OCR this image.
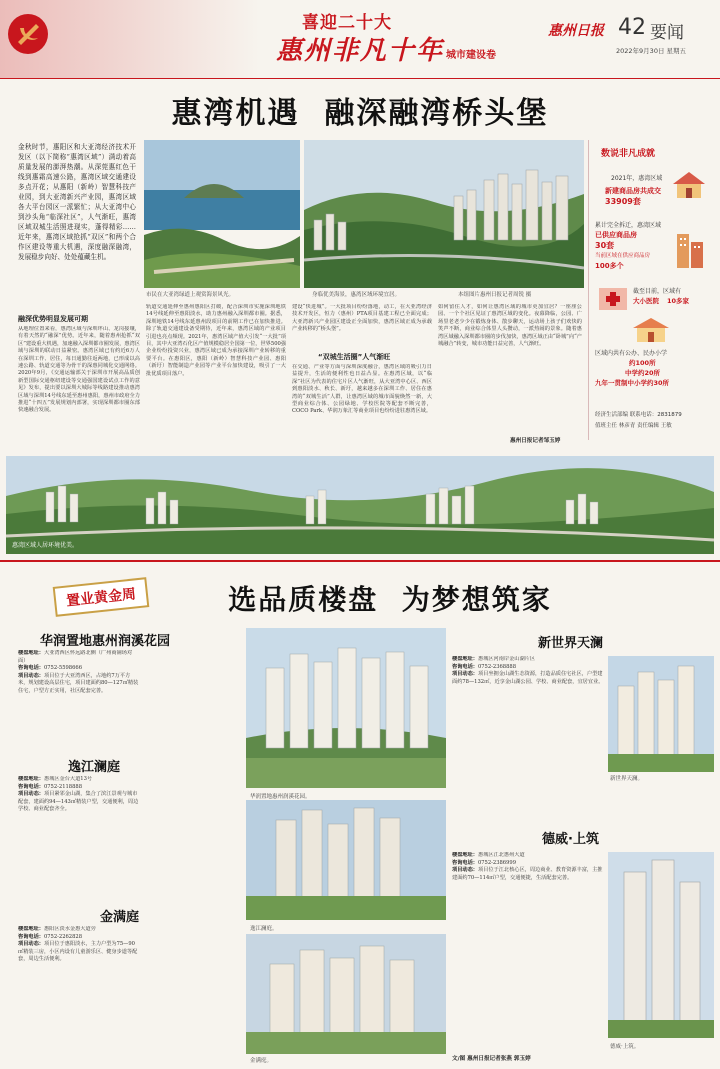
喜迎二十大
惠州非凡十年 城市建设卷
惠州日报 42 要闻
2022年9月30日 星期五
惠湾机遇  融深融湾桥头堡
金秋时节，惠阳区和大亚湾经济技术开发区（以下简称“惠湾区域”）满动着高质量发展的澎湃热潮。从深莞惠红色干线到惠霜高速公路，惠湾区域交通建设多点开花；从惠阳（新岭）智慧科技产业园，到大亚湾新兴产业园，惠湾区域各大平台园区一派繁忙；从大亚湾中心到沙头角“临深社区”，人气渐旺，惠湾区域双城生活照进现实，蓬得精彩……近年来，惠湾区域抢抓“双区”和两个合作区建设等重大机遇，深度融深融湾，发展稳步向好、处处蕴藏生机。
市民在大亚湾绿道上观赏海景风光。	身临优美海景，惠湾区域环境宜居。	本组图片惠州日报记者周锐 摄
数说非凡成就
2021年，惠湾区域
新建商品房共成交
33909套
累计完全拆迁，惠湾区域
已供应商品房
30套
当前区域在供应商品房
100多个
截至目前，区域有
大小医院 10多家
区域内共有公办、民办小学
约100所
中学约20所
九年一贯制中小学约30所
经济生活部编 联系电话：2831879
值班主任 林彦青 责任编辑 王敏
融深优势明显发展可期
从地理位置来看，惠湾区域与深圳坪山、龙岗接壤，有着天然的“融深”优势。近年来，随着惠州抢抓“双区”建设重大机遇，加速融入深圳都市圈发展，惠湾区域与深圳的联动日益紧密。惠湾区域已有约近6万人在深圳工作、居住，每日通勤往返两地，已形成以高速公路、轨道交通等为骨干的深惠同城化交通网络。2020年9月，《交通运输部关于深圳市开展高品质创新型国际交通枢纽建设等交通强国建设试点工作的意见》发布，提出要以深圳大城际等线路建设推动惠湾区域与深圳14号线东延至惠州惠阳，惠州市政府全力推进“十四五”发展规划内部署，实现深圳都市圈东部快速融合发展。
轨道交通延伸至惠州惠阳区打破，配合深圳市实施深圳地铁14号线延伸至惠阳淡水，助力惠州融入深圳都市圈。据悉，深圳地铁14号线东延惠州段项目的前期工作已在加快推进。除了轨道交通建设备受期待，近年来，惠湾区域的产业项目引进也亮点频现。2021年，惠湾区域产值大引发“一大批”项目，其中大亚湾石化区产值规模稳居全国第一位，世界500强企业纷纷投资兴业，惠湾区域已成为承接深圳产业转移的重要平台。在惠阳区，惠阳（新岭）智慧科技产业园、惠阳（新圩）智能制造产业园等产业平台加快建设，吸引了一大批优质项目落户。
建设“快进城”。一大批项目纷纷落地，动工，在大亚湾经济技术开发区，恒力（惠州）PTA项目基建工程已全面完成；大亚湾新兴产业园区建设正全面加快，惠湾区域正成为承载产业转移的“桥头堡”。
“双城生活圈”人气渐旺
在交通、产业等方面与深圳深度融合，惠湾区域的吸引力日益提升，生活的便利性也日益凸显。在惠湾区域，以“临深”社区为代表的住宅片区人气渐旺，从大亚湾中心区、西区到惠阳淡水、秋长、新圩，越来越多在深圳工作、居住在惠湾的“双城生活”人群，让惠湾区域的城市面貌焕然一新，大型商业综合体、公园绿地、学校医院等配套不断完善，COCO Park、华润万象汇等商业项目也纷纷进驻惠湾区域。
如何留住人才，如何让惠湾区域的城市更加宜居？一座座公园、一个个社区见证了惠湾区域的变化。夜幕降临，公园、广场里老老少少在锻炼身体、散步聊天，运动场上孩子们欢快的笑声不断，商业综合体里人头攒动，一派热闹的景象。随着惠湾区域融入深圳都市圈的步伐加快，惠湾区域正由“卧城”向“产城融合”转变，城市功能日益完善，人气渐旺。
惠州日报记者邹玉婷
惠湾区域人居环境优美。
置业黄金周	选品质楼盘  为梦想筑家
华润置地惠州润溪花园
楼盘地址：大亚湾西区怀远路北侧（广州商铺场对面）
咨询电话：0752-5598666
项目动态：项目位于大亚湾西区，占地约7万平方米，规划建设高层住宅，项目建面约80—127㎡精装住宅，户型方正实用，社区配套完善。
华润置地惠州润溪花园。
逸江澜庭
楼盘地址：惠城区金台大道13号
咨询电话：0752-2118888
项目动态：项目紧邻金山湖，集合了滨江景观与城市配套，建面约94—143㎡精装户型，交通便利，周边学校、商业配套齐全。
逸江澜庭。
金满庭
楼盘地址：惠阳区淡水金惠大道旁
咨询电话：0752-2262828
项目动态：项目位于惠阳淡水，主力户型为75—90㎡精装三房，小区内设有儿童游乐区、健身步道等配套，周边生活便利。
金满庭。
新世界天澜
楼盘地址：惠城区河南岸金山湖片区
咨询电话：0752-2368888
项目动态：项目坐拥金山湖生态资源，打造品质住宅社区，户型建面约78—132㎡，近享金山湖公园、学校、商业配套，宜居宜业。
新世界天澜。
德威·上筑
楼盘地址：惠城区江北惠州大道
咨询电话：0752-2386999
项目动态：项目位于江北核心区，周边商业、教育资源丰富，主推建面约70—114㎡户型，交通便捷，生活配套完善。
德威·上筑。
文/图 惠州日报记者张燕 郭玉婷
